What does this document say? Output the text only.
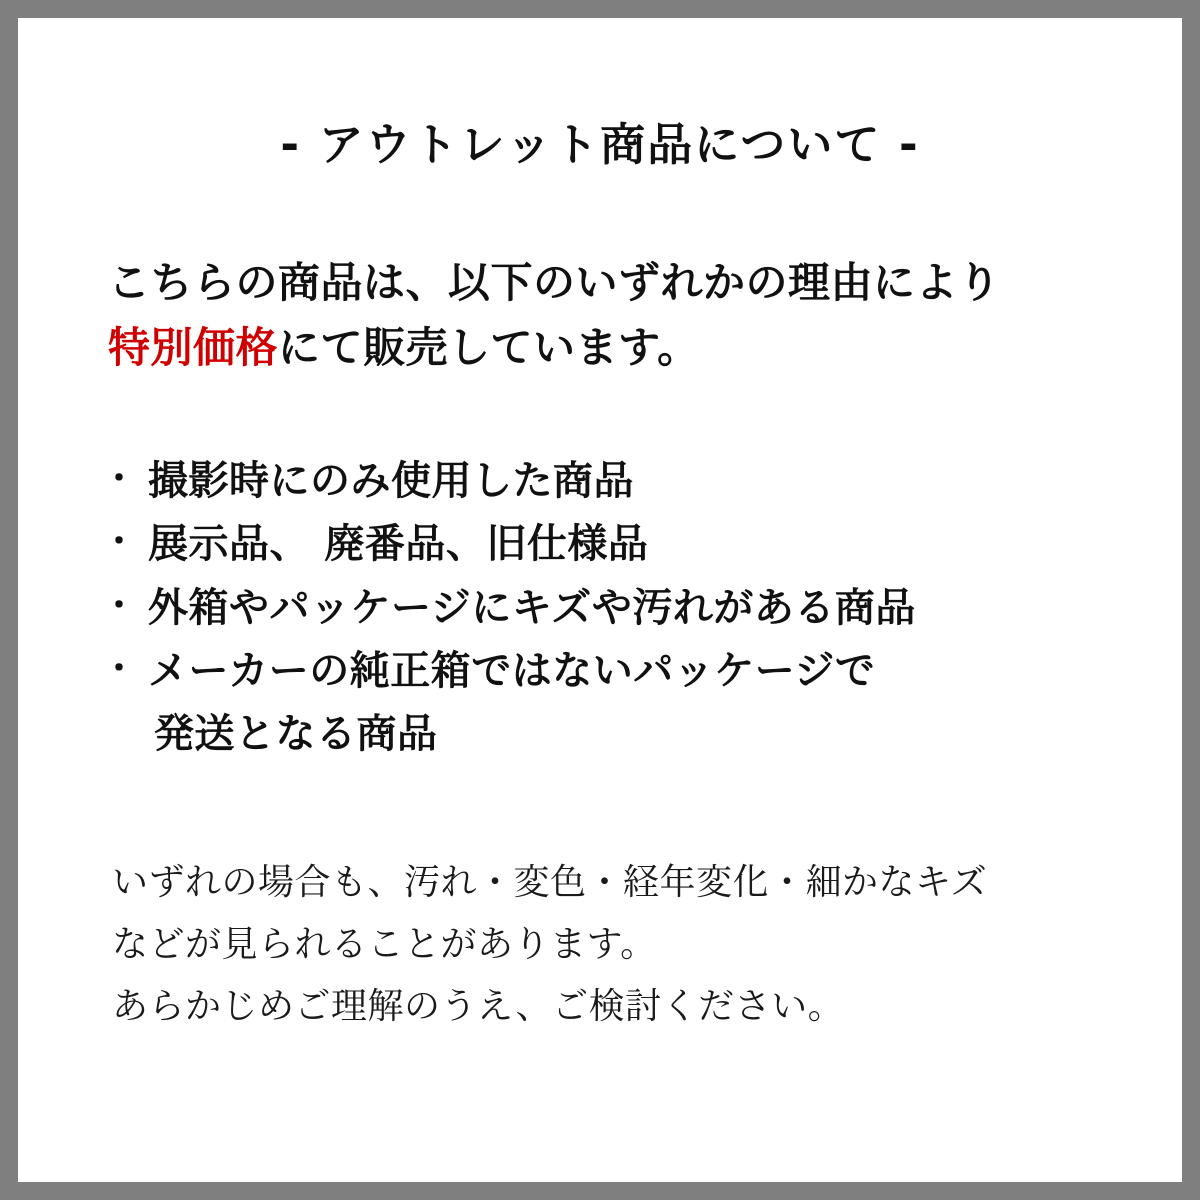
- アウトレット商品について -

こちらの商品は、以下のいずれかの理由により
特別価格にて販売しています。

・ 撮影時にのみ使用した商品
・ 展示品、 廃番品、旧仕様品
・ 外箱やパッケージにキズや汚れがある商品
・ メーカーの純正箱ではないパッケージで
発送となる商品

いずれの場合も、汚れ・変色・経年変化・細かなキズ

などが見られることがあります。

あらかじめご理解のうえ、ご検討ください。
